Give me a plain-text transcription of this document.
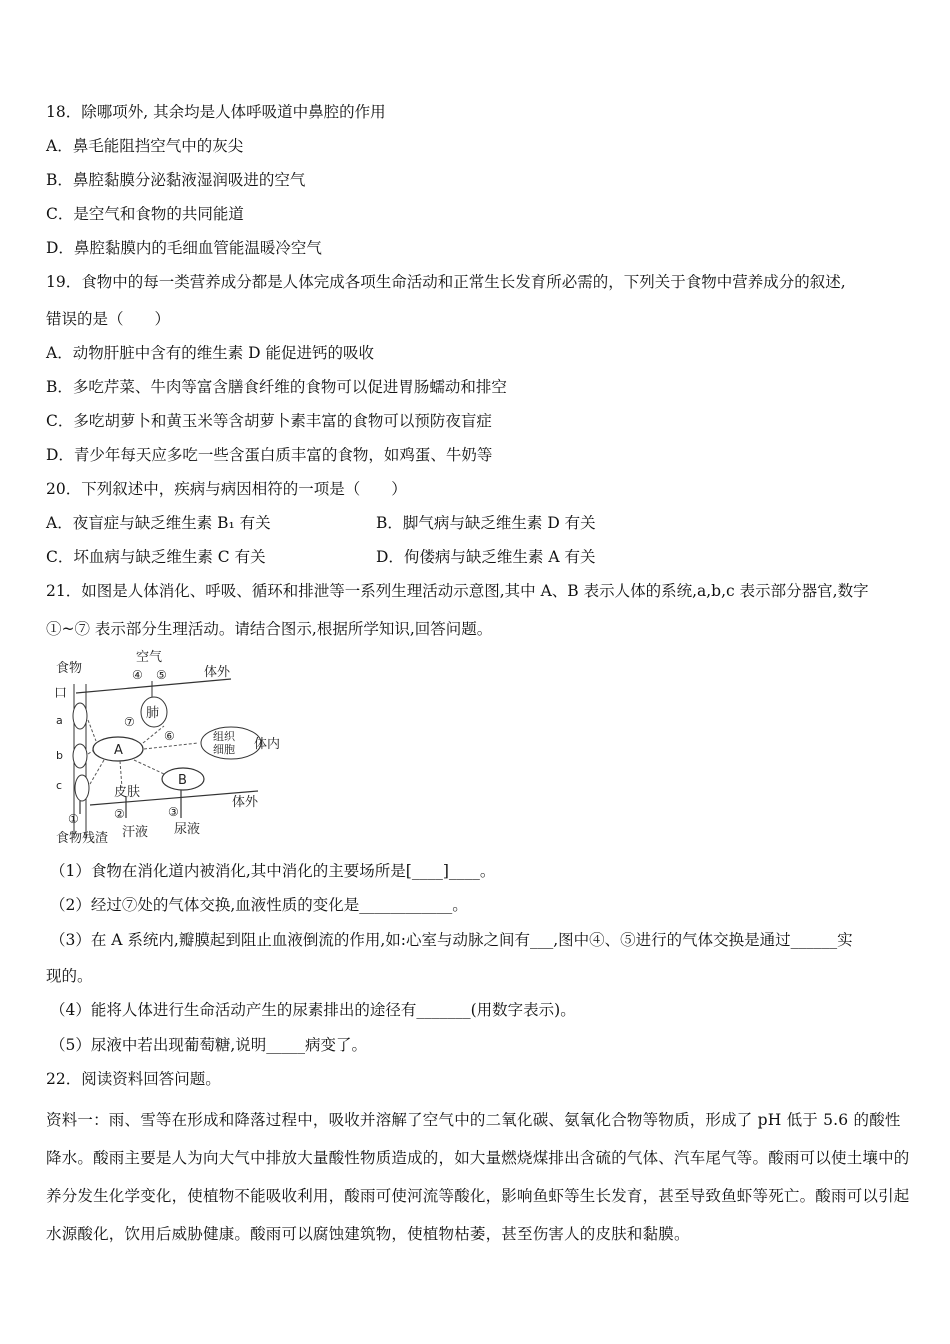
18．除哪项外, 其余均是人体呼吸道中鼻腔的作用
A．鼻毛能阻挡空气中的灰尖
B．鼻腔黏膜分泌黏液湿润吸进的空气
C．是空气和食物的共同能道
D．鼻腔黏膜内的毛细血管能温暖冷空气
19．食物中的每一类营养成分都是人体完成各项生命活动和正常生长发育所必需的，下列关于食物中营养成分的叙述,
错误的是（　　）
A．动物肝脏中含有的维生素 D 能促进钙的吸收
B．多吃芹菜、牛肉等富含膳食纤维的食物可以促进胃肠蠕动和排空
C．多吃胡萝卜和黄玉米等含胡萝卜素丰富的食物可以预防夜盲症
D．青少年每天应多吃一些含蛋白质丰富的食物，如鸡蛋、牛奶等
20．下列叙述中，疾病与病因相符的一项是（　　）
A．夜盲症与缺乏维生素 B₁ 有关	B．脚气病与缺乏维生素 D 有关
C．坏血病与缺乏维生素 C 有关	D．佝偻病与缺乏维生素 A 有关
21．如图是人体消化、呼吸、循环和排泄等一系列生理活动示意图,其中 A、B 表示人体的系统,a,b,c 表示部分器官,数字
①~⑦ 表示部分生理活动。请结合图示,根据所学知识,回答问题。
食物
口
空气
④ ⑤	体外
肺
⑦
⑥
a
b
c
A
组织
细胞 体内
B
皮肤
体外
①	②	③
食物残渣 汗液 尿液
（1）食物在消化道内被消化,其中消化的主要场所是[____]____。
（2）经过⑦处的气体交换,血液性质的变化是____________。
（3）在 A 系统内,瓣膜起到阻止血液倒流的作用,如:心室与动脉之间有___,图中④、⑤进行的气体交换是通过______实
现的。
（4）能将人体进行生命活动产生的尿素排出的途径有_______(用数字表示)。
（5）尿液中若出现葡萄糖,说明_____病变了。
22．阅读资料回答问题。
资料一：雨、雪等在形成和降落过程中，吸收并溶解了空气中的二氧化碳、氨氧化合物等物质，形成了 pH 低于 5.6 的酸性降水。酸雨主要是人为向大气中排放大量酸性物质造成的，如大量燃烧煤排出含硫的气体、汽车尾气等。酸雨可以使土壤中的养分发生化学变化，使植物不能吸收利用，酸雨可使河流等酸化，影响鱼虾等生长发育，甚至导致鱼虾等死亡。酸雨可以引起水源酸化，饮用后威胁健康。酸雨可以腐蚀建筑物，使植物枯萎，甚至伤害人的皮肤和黏膜。
